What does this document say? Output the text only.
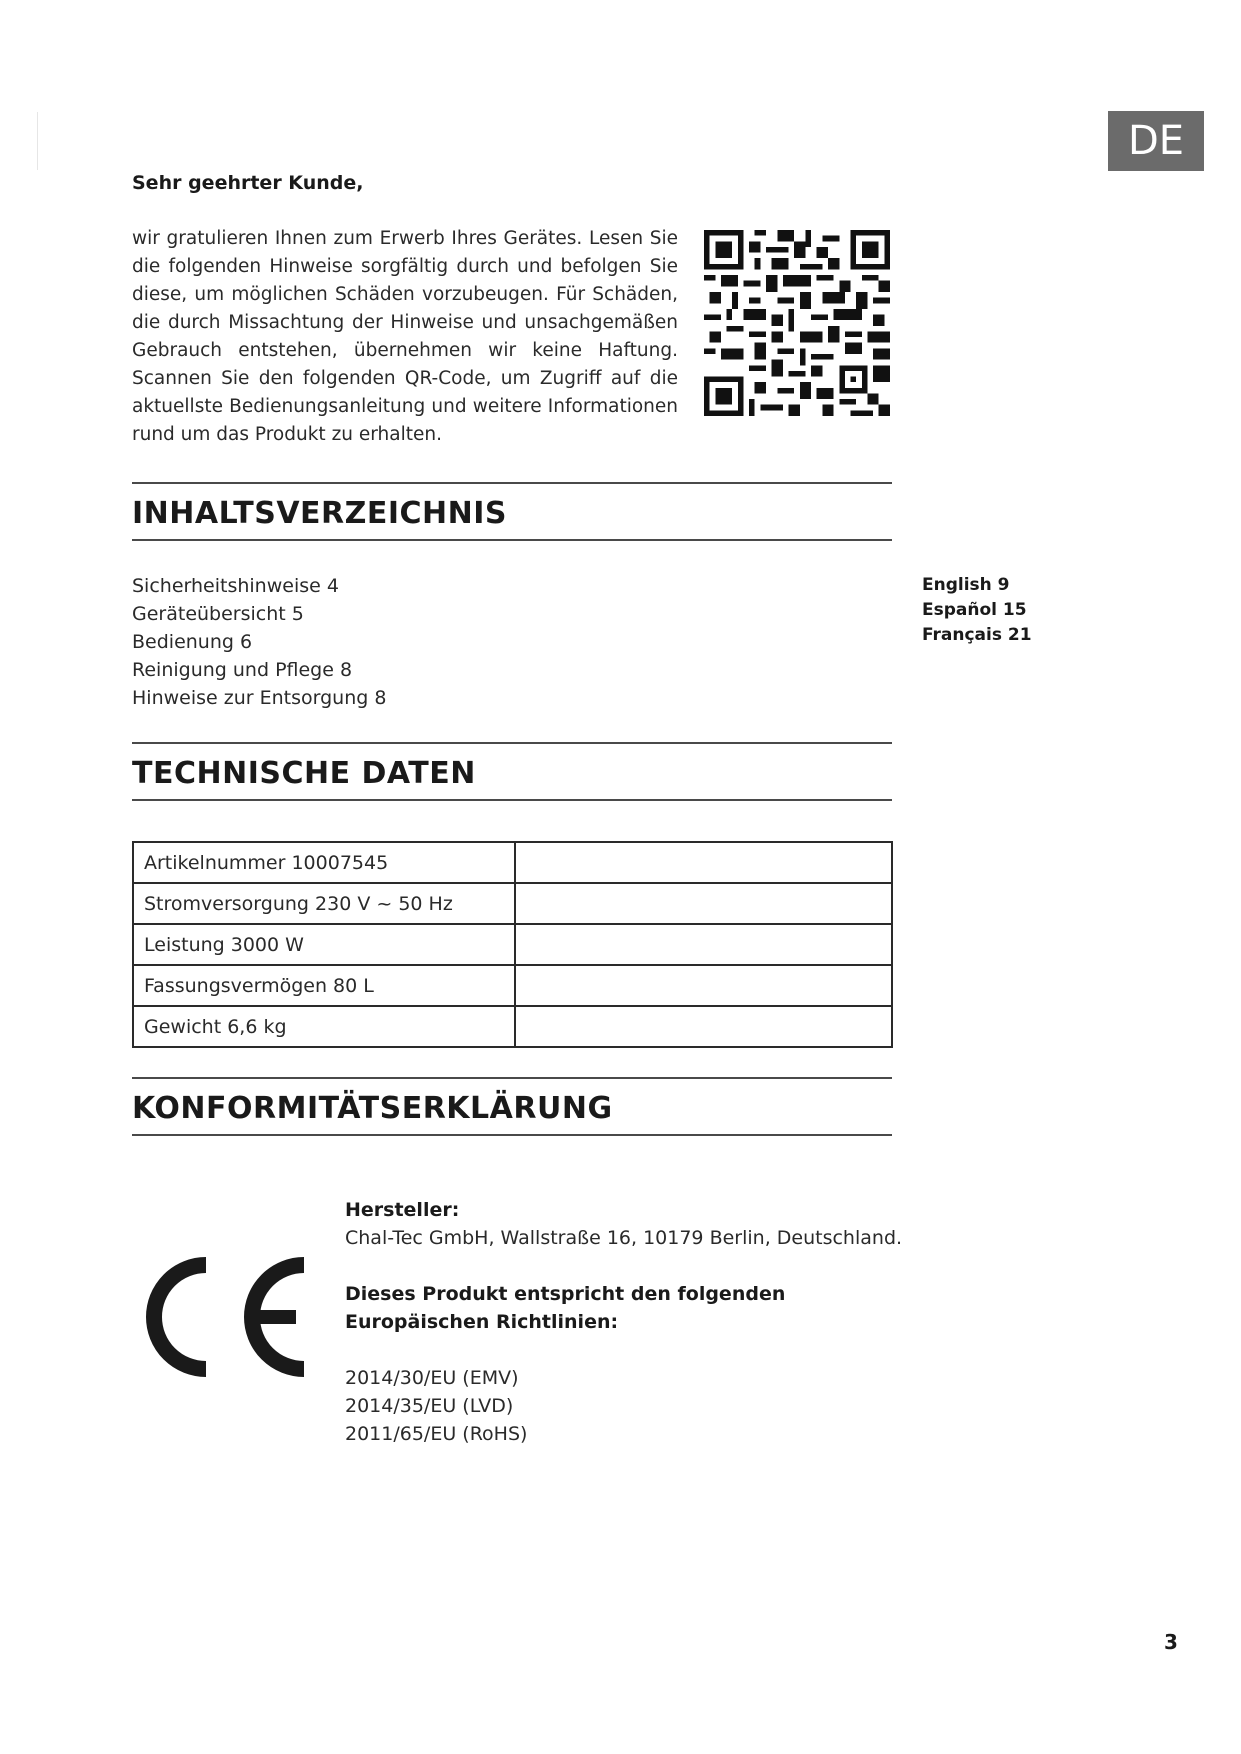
DE
Sehr geehrter Kunde,
wir gratulieren Ihnen zum Erwerb Ihres Gerätes. Lesen Sie die folgenden Hinweise sorgfältig durch und befolgen Sie diese, um möglichen Schäden vorzubeugen. Für Schäden, die durch Missachtung der Hinweise und unsachgemäßen Gebrauch entstehen, übernehmen wir keine Haftung. Scannen Sie den folgenden QR-Code, um Zugriff auf die aktuellste Bedienungsanleitung und weitere Informationen rund um das Produkt zu erhalten.
INHALTSVERZEICHNIS
Sicherheitshinweise 4
Geräteübersicht 5
Bedienung 6
Reinigung und Pflege 8
Hinweise zur Entsorgung 8
English 9
Español 15
Français 21
TECHNISCHE DATEN
Artikelnummer 10007545	
Stromversorgung 230 V ~ 50 Hz	
Leistung 3000 W	
Fassungsvermögen 80 L	
Gewicht 6,6 kg	
KONFORMITÄTSERKLÄRUNG

Hersteller:

Chal-Tec GmbH, Wallstraße 16, 10179 Berlin, Deutschland.

Dieses Produkt entspricht den folgenden Europäischen Richtlinien:

2014/30/EU (EMV)

2014/35/EU (LVD)

2011/65/EU (RoHS)

3
